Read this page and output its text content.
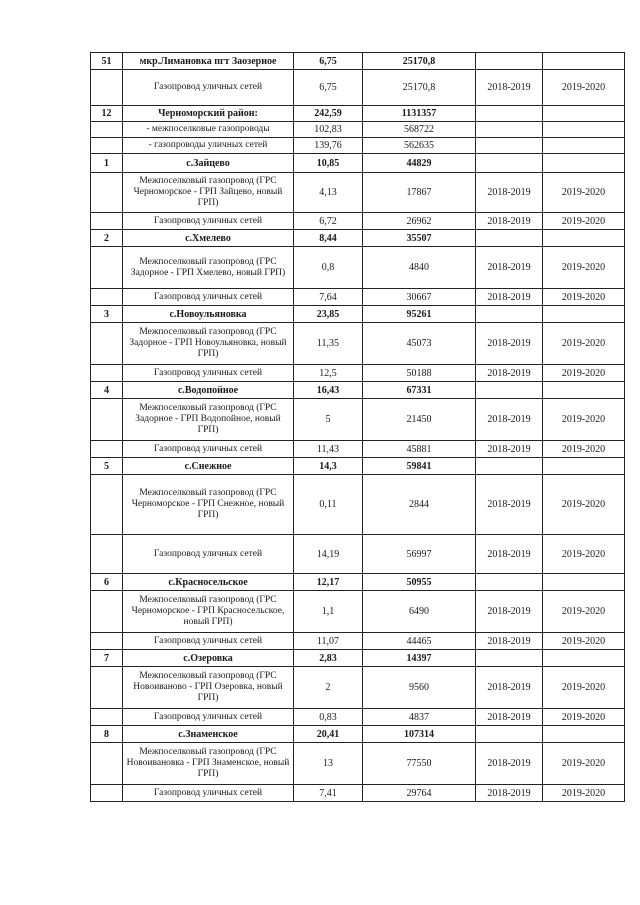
51	мкр.Лимановка пгт Заозерное	6,75	25170,8		
	Газопровод уличных сетей	6,75	25170,8	2018-2019	2019-2020
12	Черноморский район:	242,59	1131357		
	- межпоселковые газопроводы	102,83	568722		
	- газопроводы уличных сетей	139,76	562635		
1	с.Зайцево	10,85	44829		
	Межпоселковый газопровод (ГРС Черноморское - ГРП Зайцево, новый ГРП)	4,13	17867	2018-2019	2019-2020
	Газопровод уличных сетей	6,72	26962	2018-2019	2019-2020
2	с.Хмелево	8,44	35507		
	Межпоселковый газопровод (ГРС Задорное - ГРП Хмелево, новый ГРП)	0,8	4840	2018-2019	2019-2020
	Газопровод уличных сетей	7,64	30667	2018-2019	2019-2020
3	с.Новоульяновка	23,85	95261		
	Межпоселковый газопровод (ГРС Задорное - ГРП Новоульяновка, новый ГРП)	11,35	45073	2018-2019	2019-2020
	Газопровод уличных сетей	12,5	50188	2018-2019	2019-2020
4	с.Водопойное	16,43	67331		
	Межпоселковый газопровод (ГРС Задорное - ГРП Водопойное, новый ГРП)	5	21450	2018-2019	2019-2020
	Газопровод уличных сетей	11,43	45881	2018-2019	2019-2020
5	с.Снежное	14,3	59841		
	Межпоселковый газопровод (ГРС Черноморское - ГРП Снежное, новый ГРП)	0,11	2844	2018-2019	2019-2020
	Газопровод уличных сетей	14,19	56997	2018-2019	2019-2020
6	с.Красносельское	12,17	50955		
	Межпоселковый газопровод (ГРС Черноморское - ГРП Красносельское, новый ГРП)	1,1	6490	2018-2019	2019-2020
	Газопровод уличных сетей	11,07	44465	2018-2019	2019-2020
7	с.Озеровка	2,83	14397		
	Межпоселковый газопровод (ГРС Новоиваново - ГРП Озеровка, новый ГРП)	2	9560	2018-2019	2019-2020
	Газопровод уличных сетей	0,83	4837	2018-2019	2019-2020
8	с.Знаменское	20,41	107314		
	Межпоселковый газопровод (ГРС Новоивановка - ГРП Знаменское, новый ГРП)	13	77550	2018-2019	2019-2020
	Газопровод уличных сетей	7,41	29764	2018-2019	2019-2020
